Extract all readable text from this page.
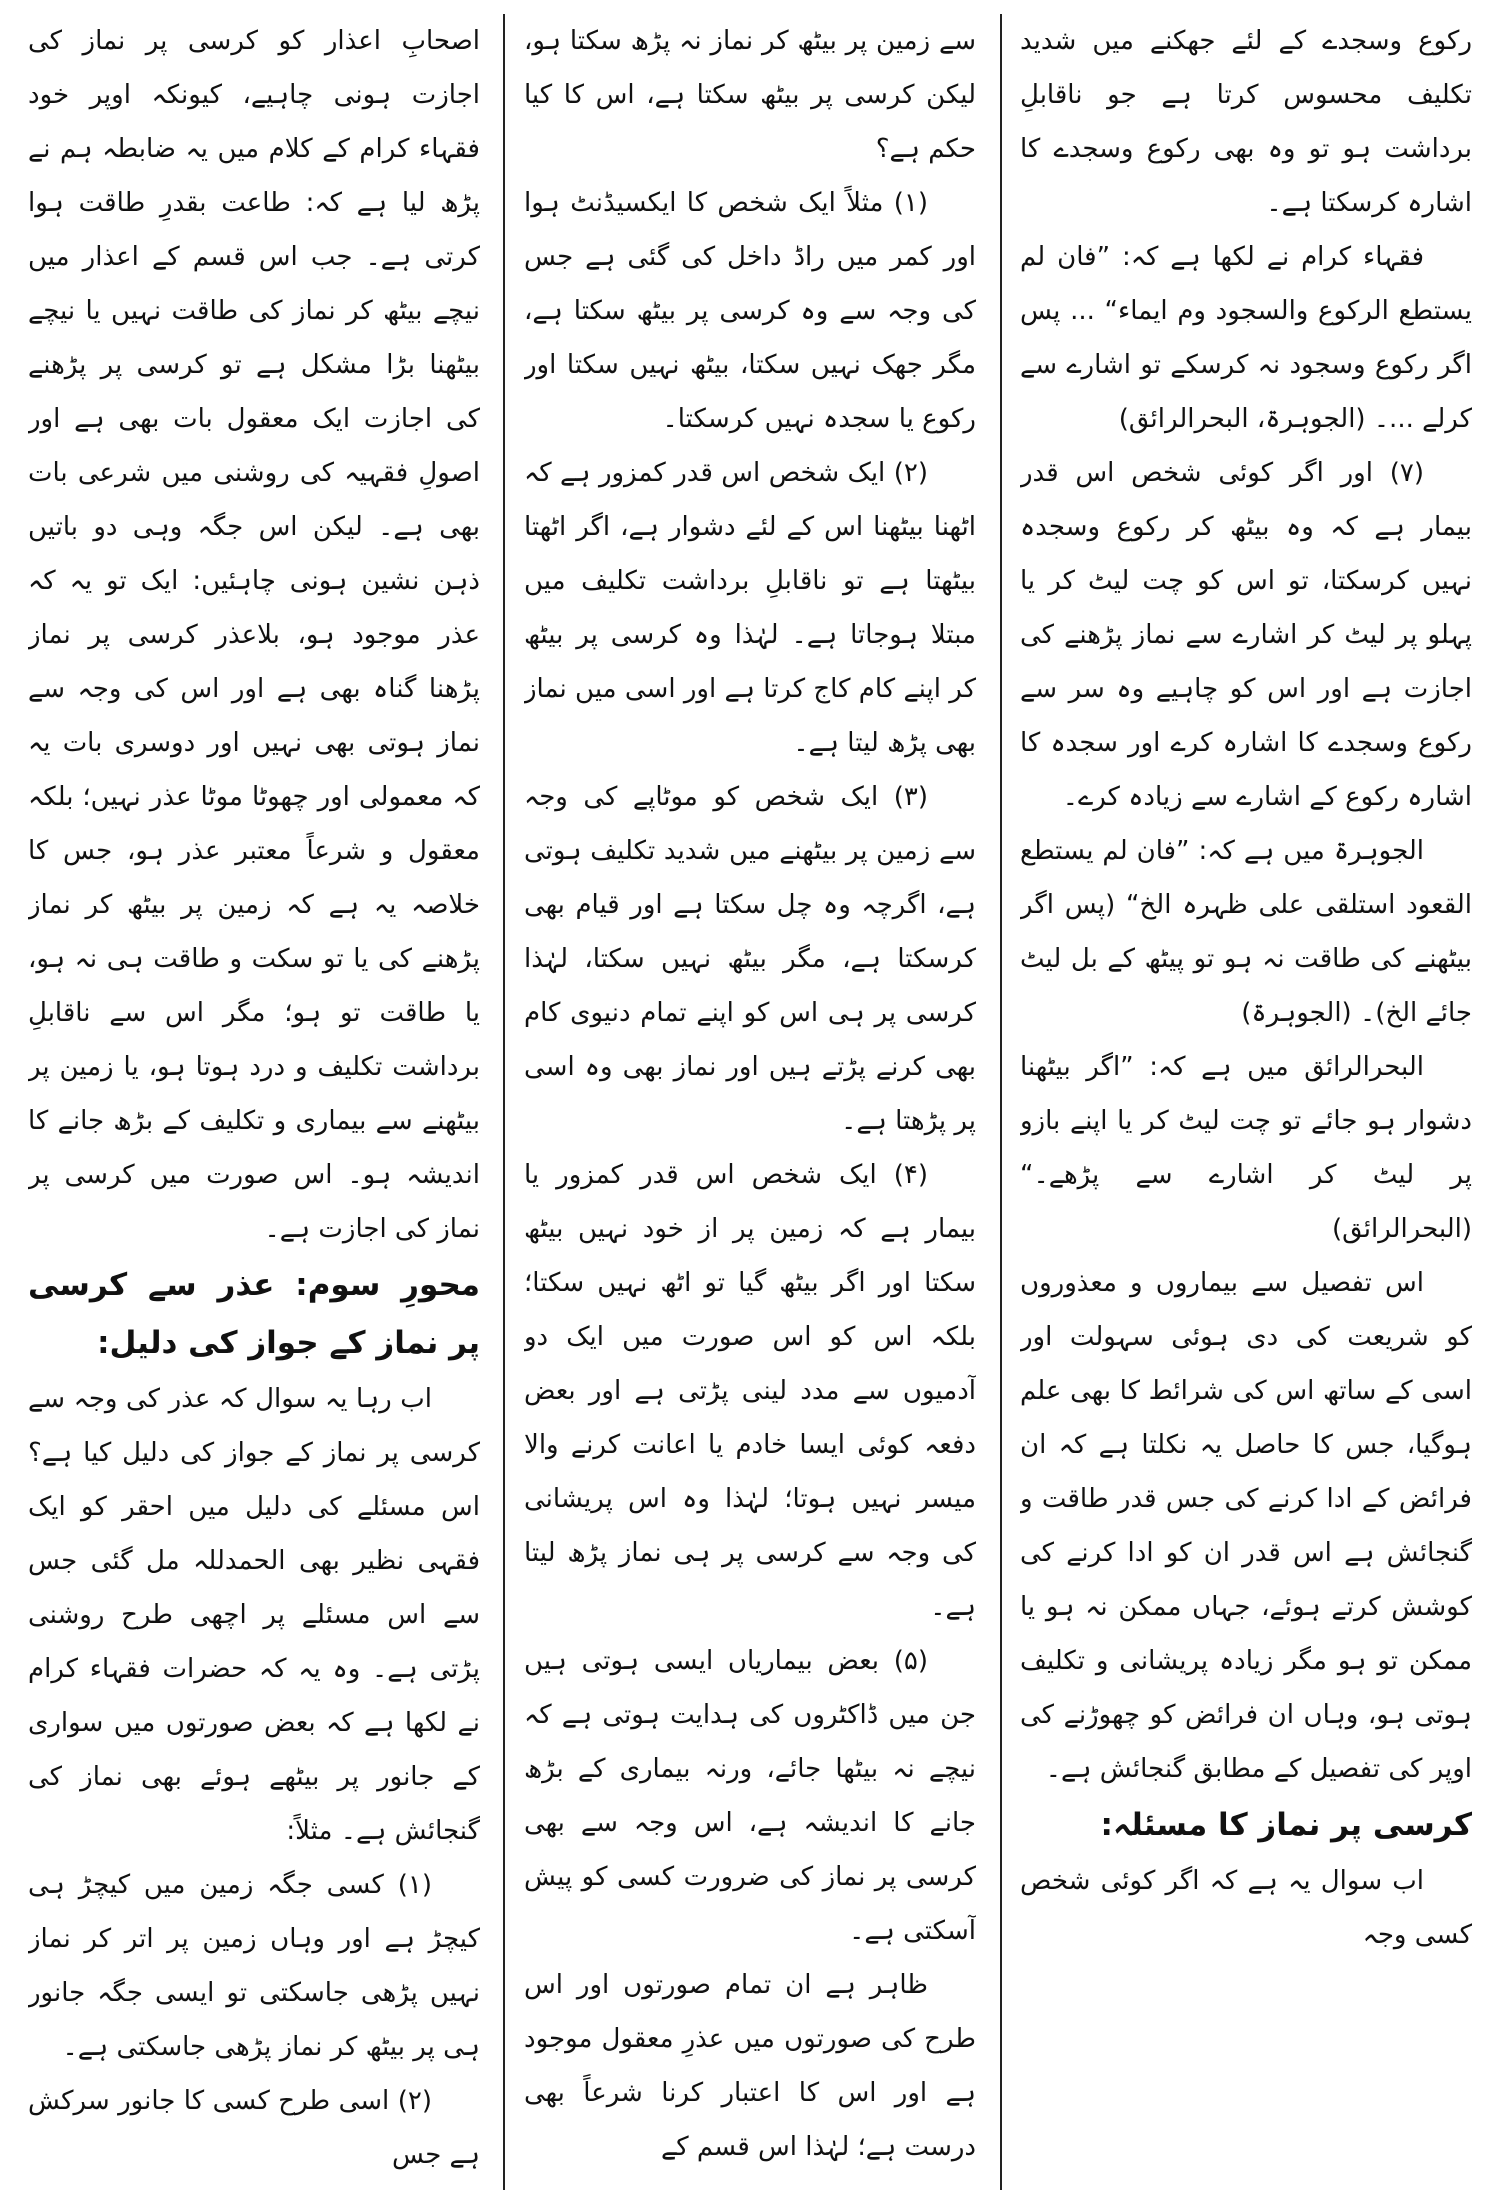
رکوع وسجدے کے لئے جھکنے میں شدید تکلیف محسوس کرتا ہے جو ناقابلِ برداشت ہو تو وہ بھی رکوع وسجدے کا اشارہ کرسکتا ہے۔

فقہاء کرام نے لکھا ہے کہ: ”فان لم یستطع الرکوع والسجود وم ایماء“ ... پس اگر رکوع وسجود نہ کرسکے تو اشارے سے کرلے ...۔ (الجوہرۃ، البحرالرائق)

(۷) اور اگر کوئی شخص اس قدر بیمار ہے کہ وہ بیٹھ کر رکوع وسجدہ نہیں کرسکتا، تو اس کو چت لیٹ کر یا پہلو پر لیٹ کر اشارے سے نماز پڑھنے کی اجازت ہے اور اس کو چاہیے وہ سر سے رکوع وسجدے کا اشارہ کرے اور سجدہ کا اشارہ رکوع کے اشارے سے زیادہ کرے۔

الجوہرۃ میں ہے کہ: ”فان لم یستطع القعود استلقی علی ظہرہ الخ“ (پس اگر بیٹھنے کی طاقت نہ ہو تو پیٹھ کے بل لیٹ جائے الخ)۔ (الجوہرۃ)

البحرالرائق میں ہے کہ: ”اگر بیٹھنا دشوار ہو جائے تو چت لیٹ کر یا اپنے بازو پر لیٹ کر اشارے سے پڑھے۔“ (البحرالرائق)

اس تفصیل سے بیماروں و معذوروں کو شریعت کی دی ہوئی سہولت اور اسی کے ساتھ اس کی شرائط کا بھی علم ہوگیا، جس کا حاصل یہ نکلتا ہے کہ ان فرائض کے ادا کرنے کی جس قدر طاقت و گنجائش ہے اس قدر ان کو ادا کرنے کی کوشش کرتے ہوئے، جہاں ممکن نہ ہو یا ممکن تو ہو مگر زیادہ پریشانی و تکلیف ہوتی ہو، وہاں ان فرائض کو چھوڑنے کی اوپر کی تفصیل کے مطابق گنجائش ہے۔

کرسی پر نماز کا مسئلہ:

اب سوال یہ ہے کہ اگر کوئی شخص کسی وجہ

سے زمین پر بیٹھ کر نماز نہ پڑھ سکتا ہو، لیکن کرسی پر بیٹھ سکتا ہے، اس کا کیا حکم ہے؟

(۱) مثلاً ایک شخص کا ایکسیڈنٹ ہوا اور کمر میں راڈ داخل کی گئی ہے جس کی وجہ سے وہ کرسی پر بیٹھ سکتا ہے، مگر جھک نہیں سکتا، بیٹھ نہیں سکتا اور رکوع یا سجدہ نہیں کرسکتا۔

(۲) ایک شخص اس قدر کمزور ہے کہ اٹھنا بیٹھنا اس کے لئے دشوار ہے، اگر اٹھتا بیٹھتا ہے تو ناقابلِ برداشت تکلیف میں مبتلا ہوجاتا ہے۔ لہٰذا وہ کرسی پر بیٹھ کر اپنے کام کاج کرتا ہے اور اسی میں نماز بھی پڑھ لیتا ہے۔

(۳) ایک شخص کو موٹاپے کی وجہ سے زمین پر بیٹھنے میں شدید تکلیف ہوتی ہے، اگرچہ وہ چل سکتا ہے اور قیام بھی کرسکتا ہے، مگر بیٹھ نہیں سکتا، لہٰذا کرسی پر ہی اس کو اپنے تمام دنیوی کام بھی کرنے پڑتے ہیں اور نماز بھی وہ اسی پر پڑھتا ہے۔

(۴) ایک شخص اس قدر کمزور یا بیمار ہے کہ زمین پر از خود نہیں بیٹھ سکتا اور اگر بیٹھ گیا تو اٹھ نہیں سکتا؛ بلکہ اس کو اس صورت میں ایک دو آدمیوں سے مدد لینی پڑتی ہے اور بعض دفعہ کوئی ایسا خادم یا اعانت کرنے والا میسر نہیں ہوتا؛ لہٰذا وہ اس پریشانی کی وجہ سے کرسی پر ہی نماز پڑھ لیتا ہے۔

(۵) بعض بیماریاں ایسی ہوتی ہیں جن میں ڈاکٹروں کی ہدایت ہوتی ہے کہ نیچے نہ بیٹھا جائے، ورنہ بیماری کے بڑھ جانے کا اندیشہ ہے، اس وجہ سے بھی کرسی پر نماز کی ضرورت کسی کو پیش آسکتی ہے۔

ظاہر ہے ان تمام صورتوں اور اس طرح کی صورتوں میں عذرِ معقول موجود ہے اور اس کا اعتبار کرنا شرعاً بھی درست ہے؛ لہٰذا اس قسم کے

اصحابِ اعذار کو کرسی پر نماز کی اجازت ہونی چاہیے، کیونکہ اوپر خود فقہاء کرام کے کلام میں یہ ضابطہ ہم نے پڑھ لیا ہے کہ: طاعت بقدرِ طاقت ہوا کرتی ہے۔ جب اس قسم کے اعذار میں نیچے بیٹھ کر نماز کی طاقت نہیں یا نیچے بیٹھنا بڑا مشکل ہے تو کرسی پر پڑھنے کی اجازت ایک معقول بات بھی ہے اور اصولِ فقہیہ کی روشنی میں شرعی بات بھی ہے۔ لیکن اس جگہ وہی دو باتیں ذہن نشین ہونی چاہئیں: ایک تو یہ کہ عذر موجود ہو، بلاعذر کرسی پر نماز پڑھنا گناہ بھی ہے اور اس کی وجہ سے نماز ہوتی بھی نہیں اور دوسری بات یہ کہ معمولی اور چھوٹا موٹا عذر نہیں؛ بلکہ معقول و شرعاً معتبر عذر ہو، جس کا خلاصہ یہ ہے کہ زمین پر بیٹھ کر نماز پڑھنے کی یا تو سکت و طاقت ہی نہ ہو، یا طاقت تو ہو؛ مگر اس سے ناقابلِ برداشت تکلیف و درد ہوتا ہو، یا زمین پر بیٹھنے سے بیماری و تکلیف کے بڑھ جانے کا اندیشہ ہو۔ اس صورت میں کرسی پر نماز کی اجازت ہے۔

محورِ سوم: عذر سے کرسی پر نماز کے جواز کی دلیل:

اب رہا یہ سوال کہ عذر کی وجہ سے کرسی پر نماز کے جواز کی دلیل کیا ہے؟ اس مسئلے کی دلیل میں احقر کو ایک فقہی نظیر بھی الحمدللہ مل گئی جس سے اس مسئلے پر اچھی طرح روشنی پڑتی ہے۔ وہ یہ کہ حضرات فقہاء کرام نے لکھا ہے کہ بعض صورتوں میں سواری کے جانور پر بیٹھے ہوئے بھی نماز کی گنجائش ہے۔ مثلاً:

(۱) کسی جگہ زمین میں کیچڑ ہی کیچڑ ہے اور وہاں زمین پر اتر کر نماز نہیں پڑھی جاسکتی تو ایسی جگہ جانور ہی پر بیٹھ کر نماز پڑھی جاسکتی ہے۔

(۲) اسی طرح کسی کا جانور سرکش ہے جس
